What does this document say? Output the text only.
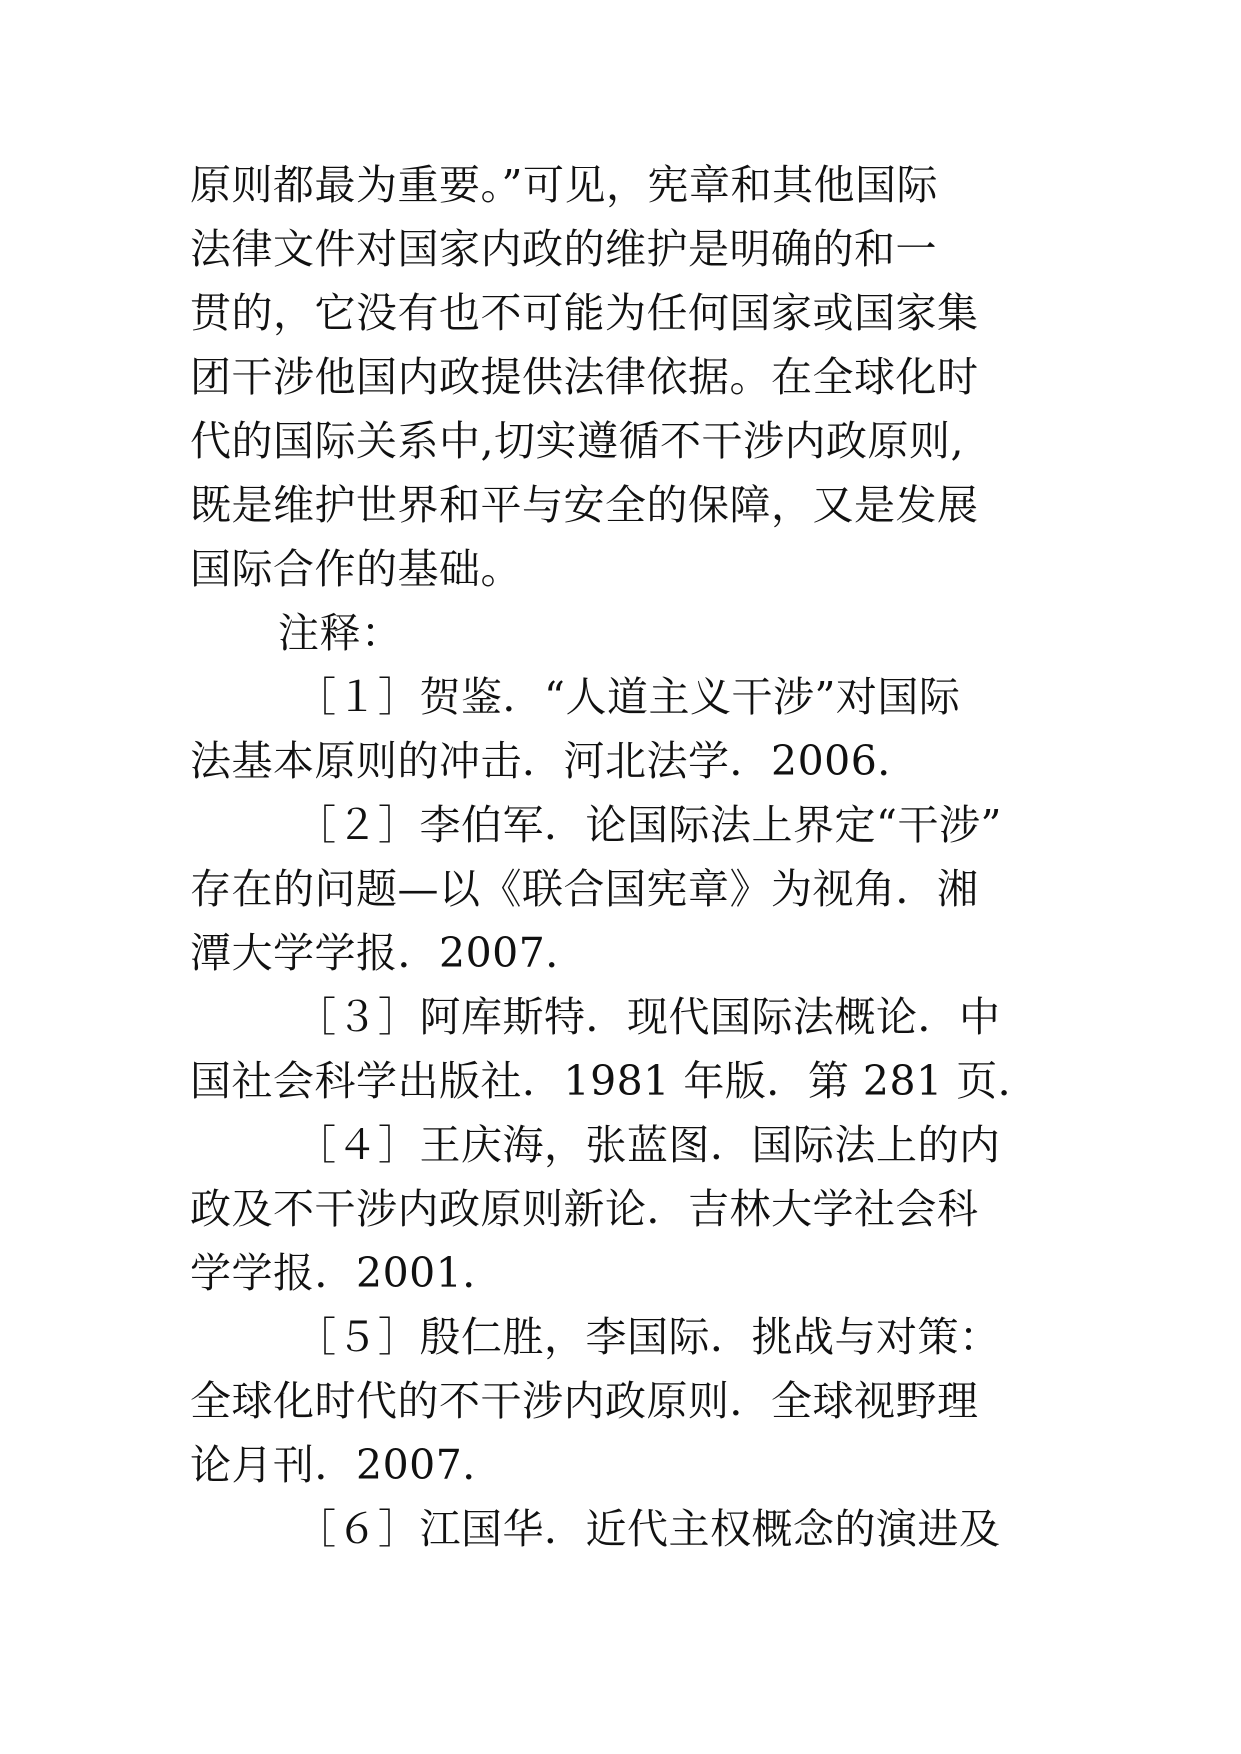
原则都最为重要。”可见，宪章和其他国际
法律文件对国家内政的维护是明确的和一
贯的，它没有也不可能为任何国家或国家集
团干涉他国内政提供法律依据。在全球化时
代的国际关系中,切实遵循不干涉内政原则,
既是维护世界和平与安全的保障，又是发展
国际合作的基础。
注释：
［１］贺鉴．“人道主义干涉”对国际
法基本原则的冲击．河北法学．2006．
［２］李伯军．论国际法上界定“干涉”
存在的问题—以《联合国宪章》为视角．湘
潭大学学报．2007．
［３］阿库斯特．现代国际法概论．中
国社会科学出版社．1981 年版．第 281 页．
［４］王庆海，张蓝图．国际法上的内
政及不干涉内政原则新论．吉林大学社会科
学学报．2001．
［５］殷仁胜，李国际．挑战与对策：
全球化时代的不干涉内政原则．全球视野理
论月刊．2007．
［６］江国华．近代主权概念的演进及
